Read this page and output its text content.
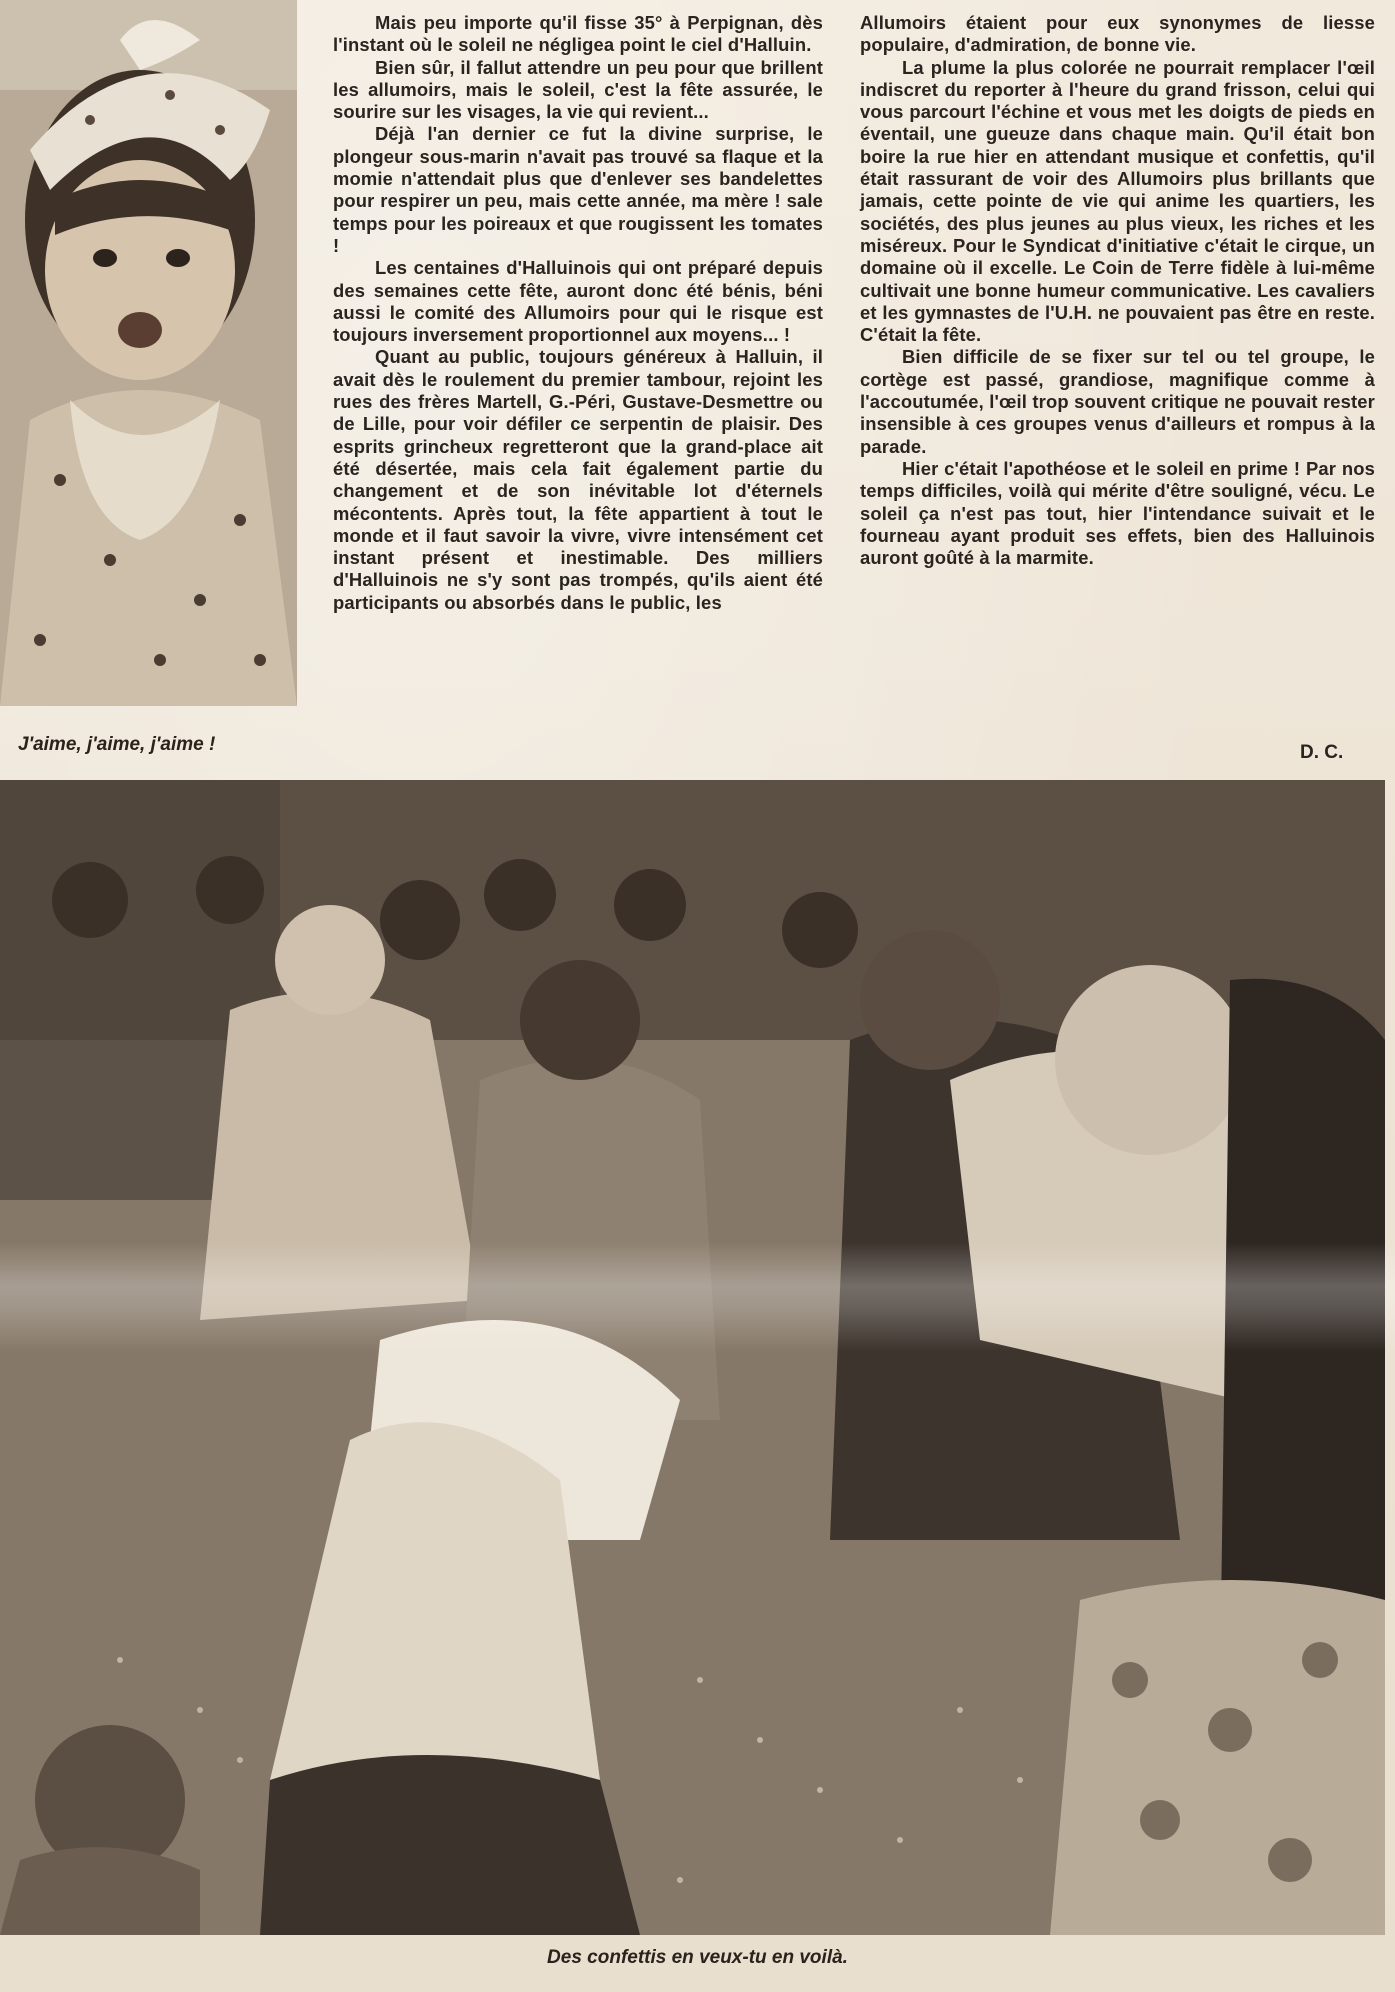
J'aime, j'aime, j'aime !

Mais peu importe qu'il fisse 35° à Perpignan, dès l'instant où le soleil ne négligea point le ciel d'Halluin.

Bien sûr, il fallut attendre un peu pour que brillent les allumoirs, mais le soleil, c'est la fête assurée, le sourire sur les visages, la vie qui revient...

Déjà l'an dernier ce fut la divine surprise, le plongeur sous-marin n'avait pas trouvé sa flaque et la momie n'attendait plus que d'enlever ses bandelettes pour respirer un peu, mais cette année, ma mère ! sale temps pour les poireaux et que rougissent les tomates !

Les centaines d'Halluinois qui ont préparé depuis des semaines cette fête, auront donc été bénis, béni aussi le comité des Allumoirs pour qui le risque est toujours inversement proportionnel aux moyens... !

Quant au public, toujours généreux à Halluin, il avait dès le roulement du premier tambour, rejoint les rues des frères Martell, G.-Péri, Gustave-Desmettre ou de Lille, pour voir défiler ce serpentin de plaisir. Des esprits grincheux regretteront que la grand-place ait été désertée, mais cela fait également partie du changement et de son inévitable lot d'éternels mécontents. Après tout, la fête appartient à tout le monde et il faut savoir la vivre, vivre intensément cet instant présent et inestimable. Des milliers d'Halluinois ne s'y sont pas trompés, qu'ils aient été participants ou absorbés dans le public, les

Allumoirs étaient pour eux synonymes de liesse populaire, d'admiration, de bonne vie.

La plume la plus colorée ne pourrait remplacer l'œil indiscret du reporter à l'heure du grand frisson, celui qui vous parcourt l'échine et vous met les doigts de pieds en éventail, une gueuze dans chaque main. Qu'il était bon boire la rue hier en attendant musique et confettis, qu'il était rassurant de voir des Allumoirs plus brillants que jamais, cette pointe de vie qui anime les quartiers, les sociétés, des plus jeunes au plus vieux, les riches et les miséreux. Pour le Syndicat d'initiative c'était le cirque, un domaine où il excelle. Le Coin de Terre fidèle à lui-même cultivait une bonne humeur communicative. Les cavaliers et les gymnastes de l'U.H. ne pouvaient pas être en reste. C'était la fête.

Bien difficile de se fixer sur tel ou tel groupe, le cortège est passé, grandiose, magnifique comme à l'accoutumée, l'œil trop souvent critique ne pouvait rester insensible à ces groupes venus d'ailleurs et rompus à la parade.

Hier c'était l'apothéose et le soleil en prime ! Par nos temps difficiles, voilà qui mérite d'être souligné, vécu. Le soleil ça n'est pas tout, hier l'intendance suivait et le fourneau ayant produit ses effets, bien des Halluinois auront goûté à la marmite.

D. C.
Des confettis en veux-tu en voilà.
